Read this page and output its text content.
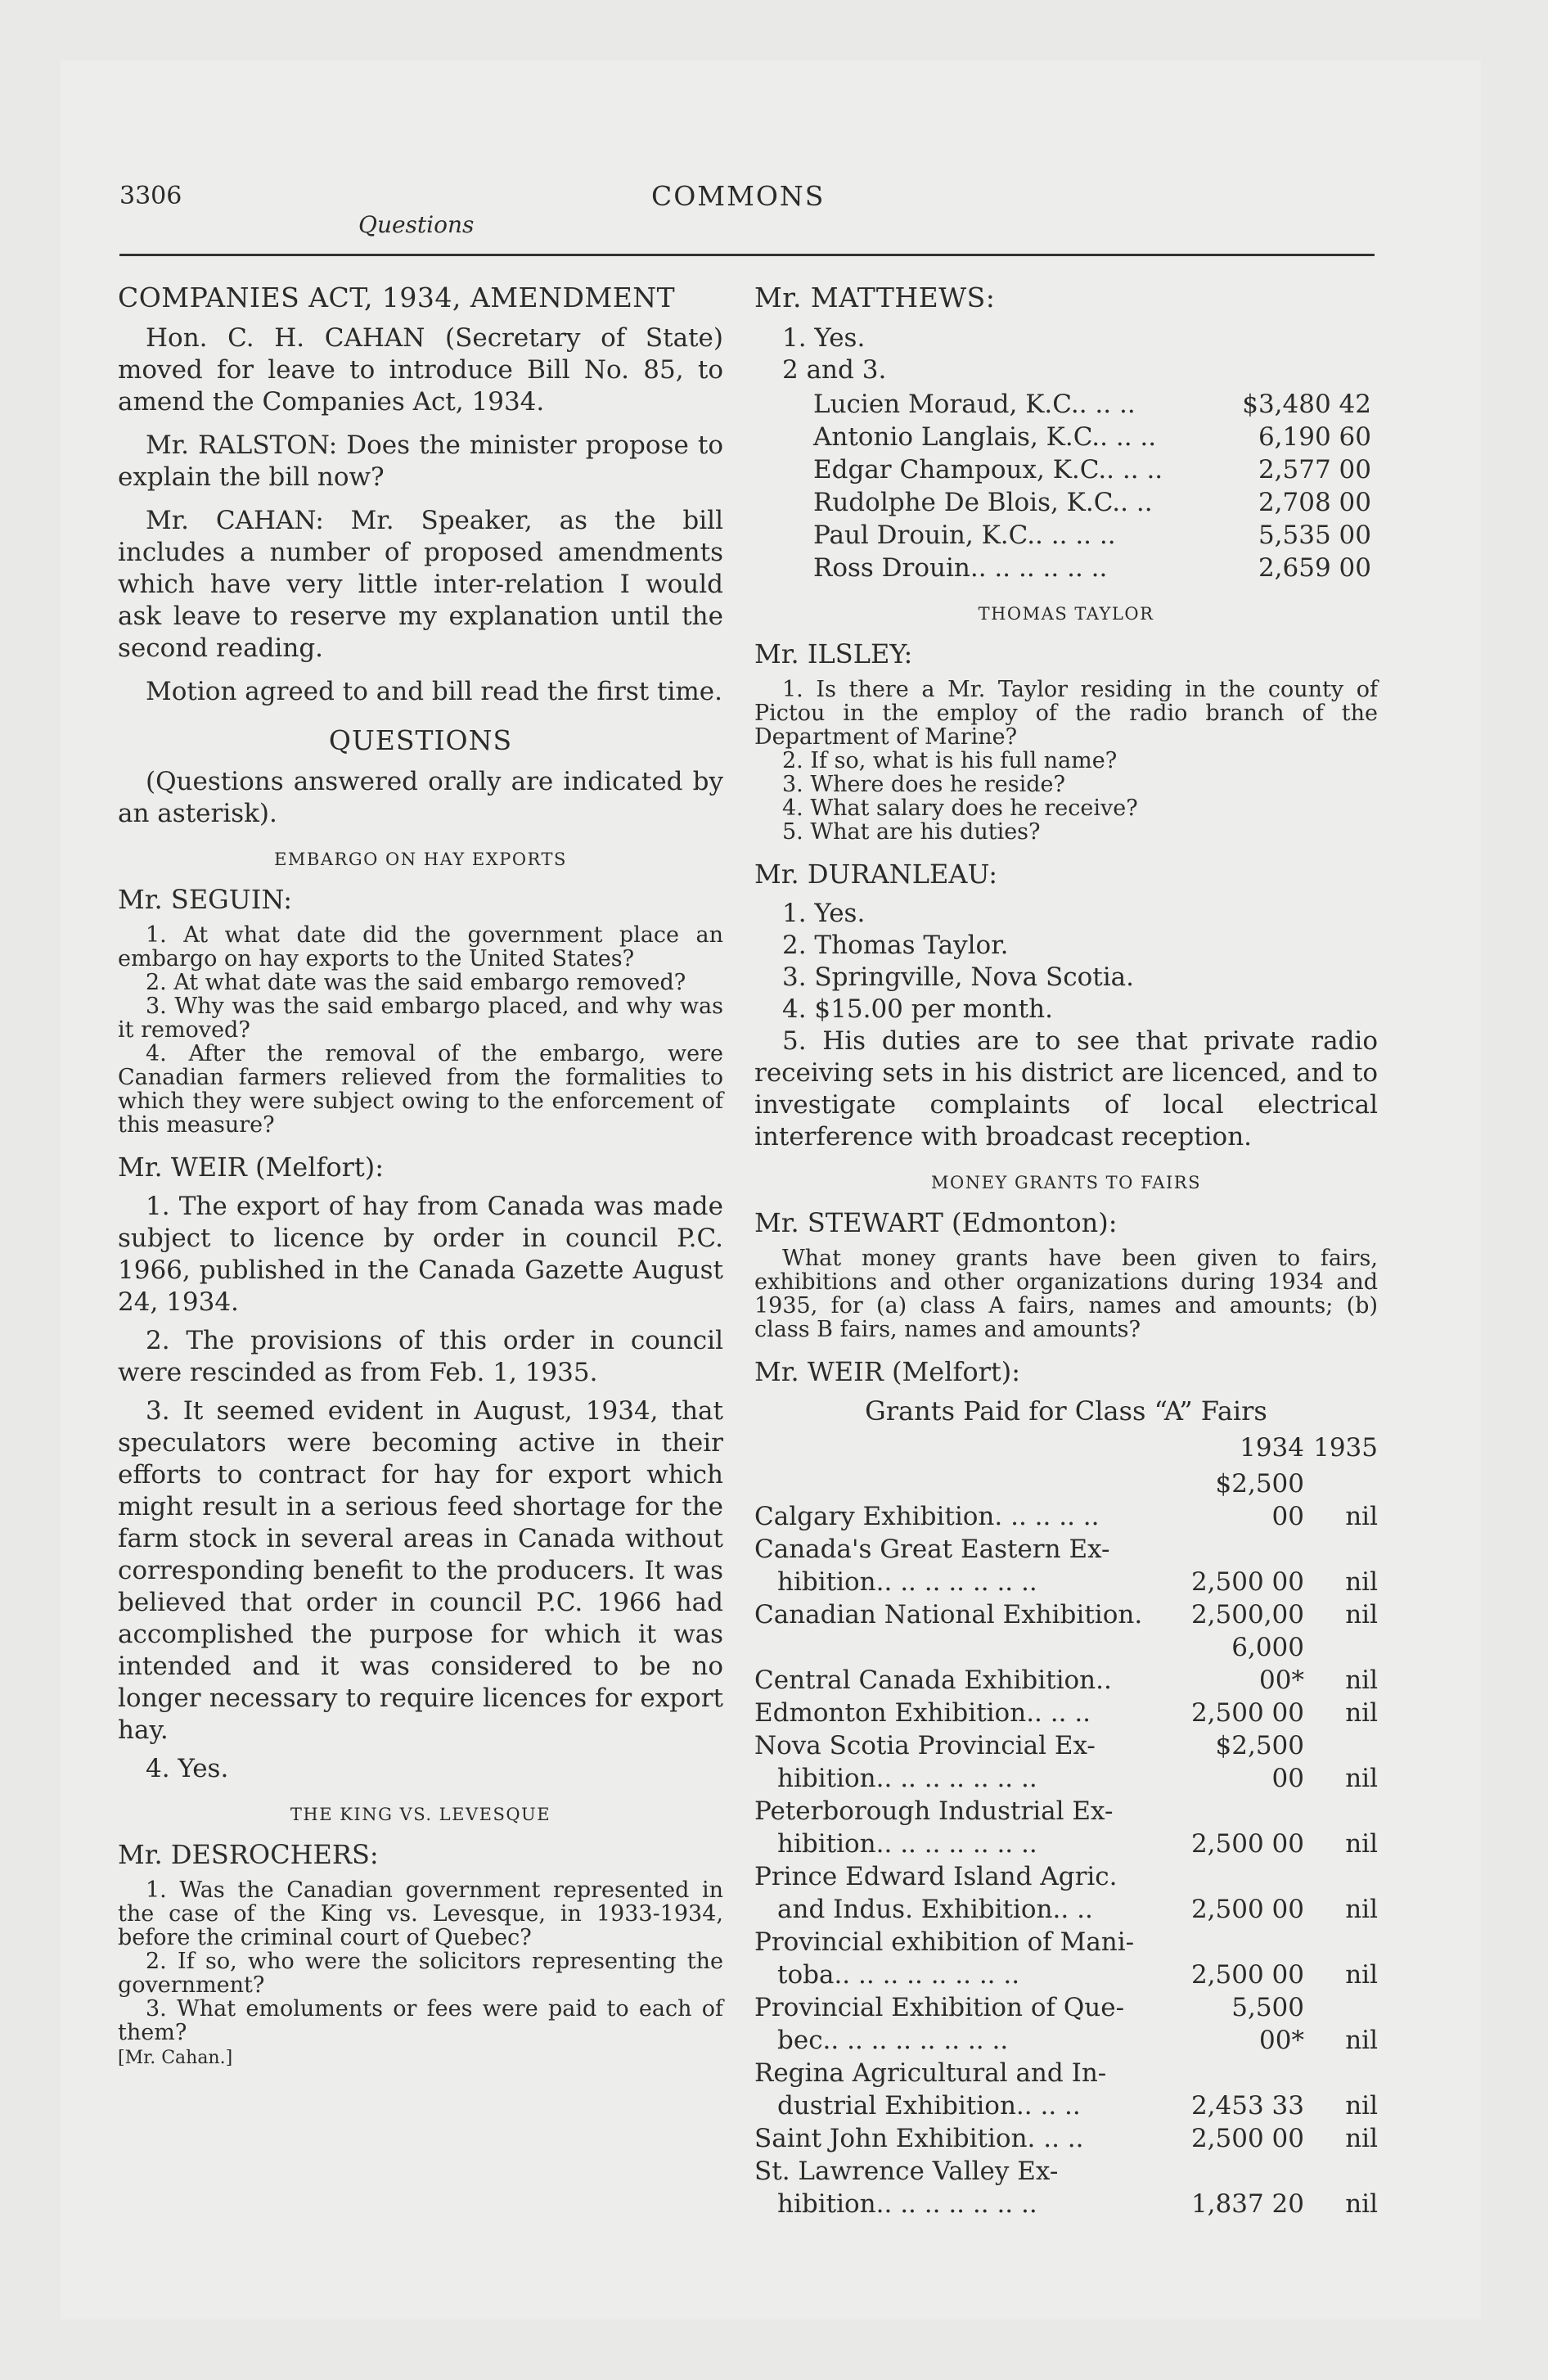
3306	COMMONS
Questions
COMPANIES ACT, 1934, AMENDMENT

Hon. C. H. CAHAN (Secretary of State) moved for leave to introduce Bill No. 85, to amend the Companies Act, 1934.

Mr. RALSTON: Does the minister propose to explain the bill now?

Mr. CAHAN: Mr. Speaker, as the bill includes a number of proposed amendments which have very little inter-relation I would ask leave to reserve my explanation until the second reading.

Motion agreed to and bill read the first time.

QUESTIONS

(Questions answered orally are indicated by an asterisk).

EMBARGO ON HAY EXPORTS
Mr. SEGUIN:

1. At what date did the government place an embargo on hay exports to the United States?

2. At what date was the said embargo removed?

3. Why was the said embargo placed, and why was it removed?

4. After the removal of the embargo, were Canadian farmers relieved from the formalities to which they were subject owing to the enforcement of this measure?

Mr. WEIR (Melfort):

1. The export of hay from Canada was made subject to licence by order in council P.C. 1966, published in the Canada Gazette August 24, 1934.

2. The provisions of this order in council were rescinded as from Feb. 1, 1935.

3. It seemed evident in August, 1934, that speculators were becoming active in their efforts to contract for hay for export which might result in a serious feed shortage for the farm stock in several areas in Canada without corresponding benefit to the producers. It was believed that order in council P.C. 1966 had accomplished the purpose for which it was intended and it was considered to be no longer necessary to require licences for export hay.

4. Yes.

THE KING VS. LEVESQUE
Mr. DESROCHERS:

1. Was the Canadian government represented in the case of the King vs. Levesque, in 1933-1934, before the criminal court of Quebec?

2. If so, who were the solicitors representing the government?

3. What emoluments or fees were paid to each of them?

[Mr. Cahan.]
Mr. MATTHEWS:

1. Yes.

2 and 3.

Lucien Moraud, K.C.. .. ..	$3,480 42
Antonio Langlais, K.C.. .. ..	6,190 60
Edgar Champoux, K.C.. .. ..	2,577 00
Rudolphe De Blois, K.C.. ..	2,708 00
Paul Drouin, K.C.. .. .. ..	5,535 00
Ross Drouin.. .. .. .. .. ..	2,659 00
THOMAS TAYLOR
Mr. ILSLEY:

1. Is there a Mr. Taylor residing in the county of Pictou in the employ of the radio branch of the Department of Marine?

2. If so, what is his full name?

3. Where does he reside?

4. What salary does he receive?

5. What are his duties?

Mr. DURANLEAU:

1. Yes.

2. Thomas Taylor.

3. Springville, Nova Scotia.

4. $15.00 per month.

5. His duties are to see that private radio receiving sets in his district are licenced, and to investigate complaints of local electrical interference with broadcast reception.

MONEY GRANTS TO FAIRS
Mr. STEWART (Edmonton):

What money grants have been given to fairs, exhibitions and other organizations during 1934 and 1935, for (a) class A fairs, names and amounts; (b) class B fairs, names and amounts?

Mr. WEIR (Melfort):
Grants Paid for Class “A” Fairs
	1934	1935

Calgary Exhibition. .. .. .. ..	$2,500 00	nil

Canada's Great Eastern Ex-
hibition.. .. .. .. .. .. ..	2,500 00	nil

Canadian National Exhibition.	2,500,00	nil

Central Canada Exhibition..	6,000 00*	nil

Edmonton Exhibition.. .. ..	2,500 00	nil

Nova Scotia Provincial Ex-
hibition.. .. .. .. .. .. ..	$2,500 00	nil

Peterborough Industrial Ex-
hibition.. .. .. .. .. .. ..	2,500 00	nil

Prince Edward Island Agric.
and Indus. Exhibition.. ..	2,500 00	nil

Provincial exhibition of Mani-
toba.. .. .. .. .. .. .. ..	2,500 00	nil

Provincial Exhibition of Que-
bec.. .. .. .. .. .. .. ..	5,500 00*	nil

Regina Agricultural and In-
dustrial Exhibition.. .. ..	2,453 33	nil

Saint John Exhibition. .. ..	2,500 00	nil

St. Lawrence Valley Ex-
hibition.. .. .. .. .. .. ..	1,837 20	nil
